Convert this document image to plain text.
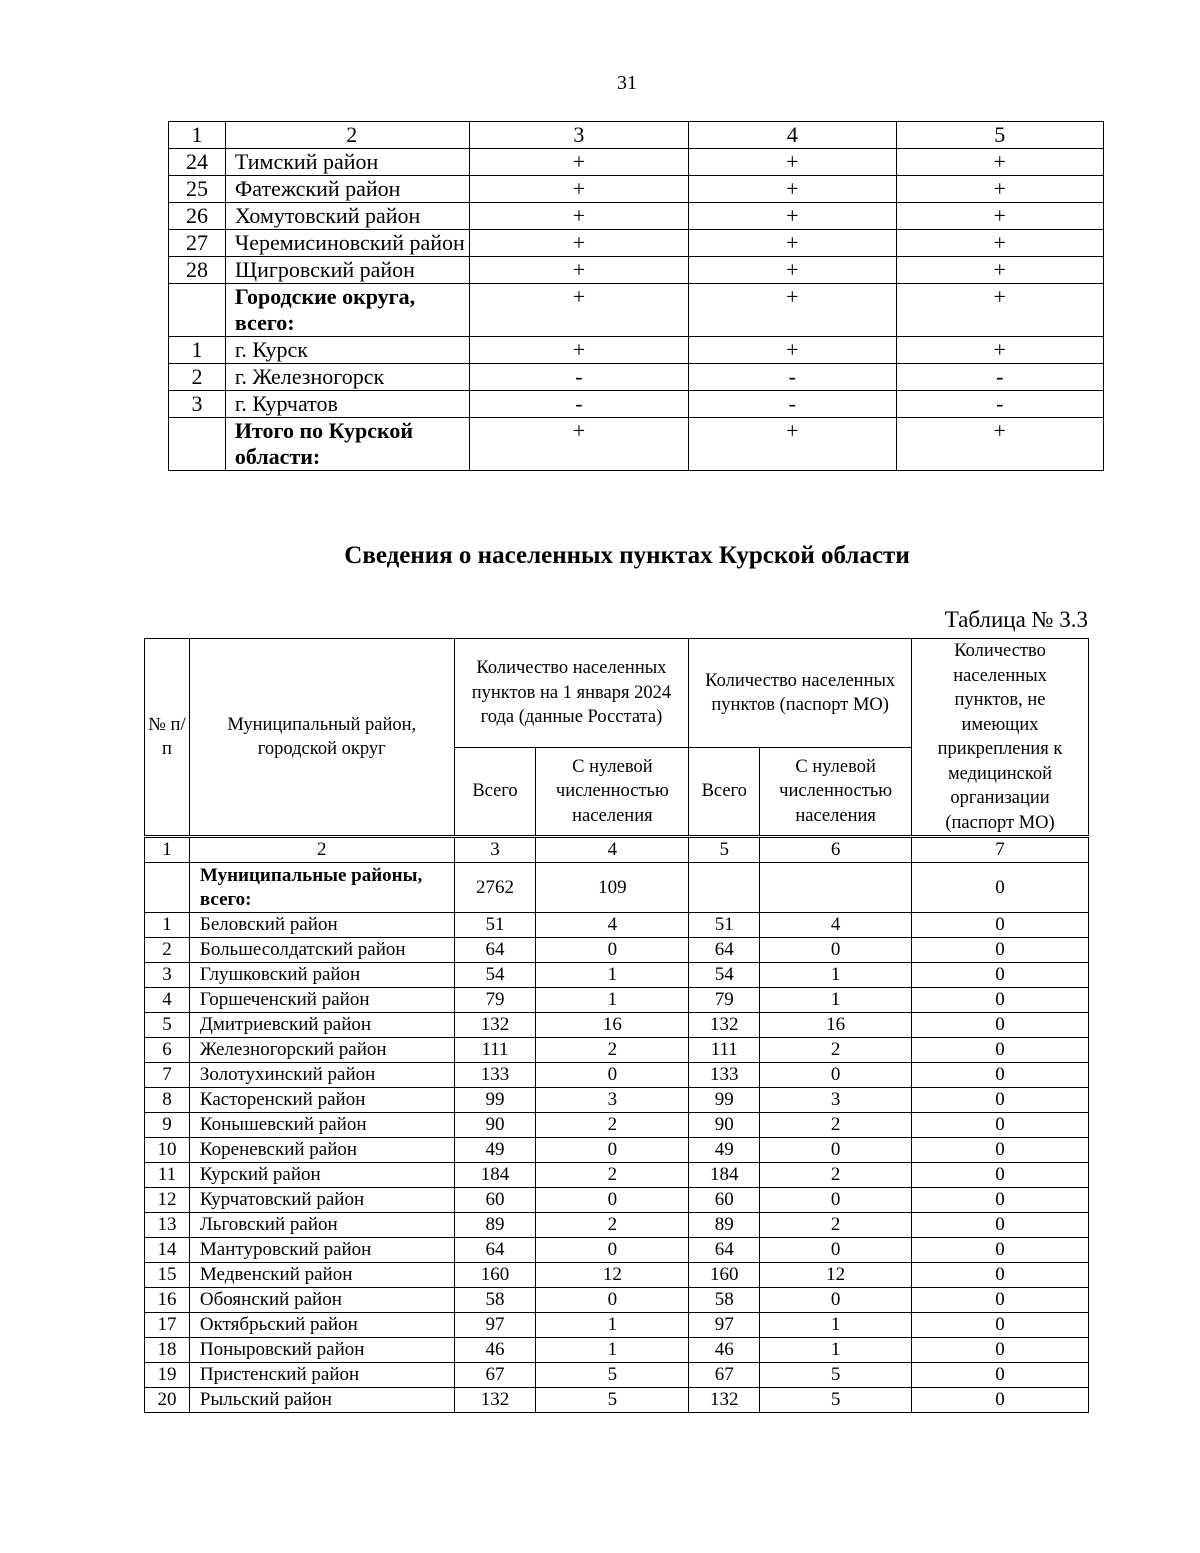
31
1	2	3	4	5
24	Тимский район	+	+	+
25	Фатежский район	+	+	+
26	Хомутовский район	+	+	+
27	Черемисиновский район	+	+	+
28	Щигровский район	+	+	+
	Городские округа, всего:	+	+	+
1	г. Курск	+	+	+
2	г. Железногорск	-	-	-
3	г. Курчатов	-	-	-
	Итого по Курской области:	+	+	+
Сведения о населенных пунктах Курской области
Таблица № 3.3
№ п/п	Муниципальный район, городской округ	Количество населенных пунктов на 1 января 2024 года (данные Росстата)		Количество населенных пунктов (паспорт МО)		Количество населенных пунктов, не имеющих прикрепления к медицинской организации (паспорт МО)
		Всего	С нулевой численностью населения	Всего	С нулевой численностью населения	
1	2	3	4	5	6	7
	Муниципальные районы, всего:	2762	109			0
1	Беловский район	51	4	51	4	0
2	Большесолдатский район	64	0	64	0	0
3	Глушковский район	54	1	54	1	0
4	Горшеченский район	79	1	79	1	0
5	Дмитриевский район	132	16	132	16	0
6	Железногорский район	111	2	111	2	0
7	Золотухинский район	133	0	133	0	0
8	Касторенский район	99	3	99	3	0
9	Конышевский район	90	2	90	2	0
10	Кореневский район	49	0	49	0	0
11	Курский район	184	2	184	2	0
12	Курчатовский район	60	0	60	0	0
13	Льговский район	89	2	89	2	0
14	Мантуровский район	64	0	64	0	0
15	Медвенский район	160	12	160	12	0
16	Обоянский район	58	0	58	0	0
17	Октябрьский район	97	1	97	1	0
18	Поныровский район	46	1	46	1	0
19	Пристенский район	67	5	67	5	0
20	Рыльский район	132	5	132	5	0
